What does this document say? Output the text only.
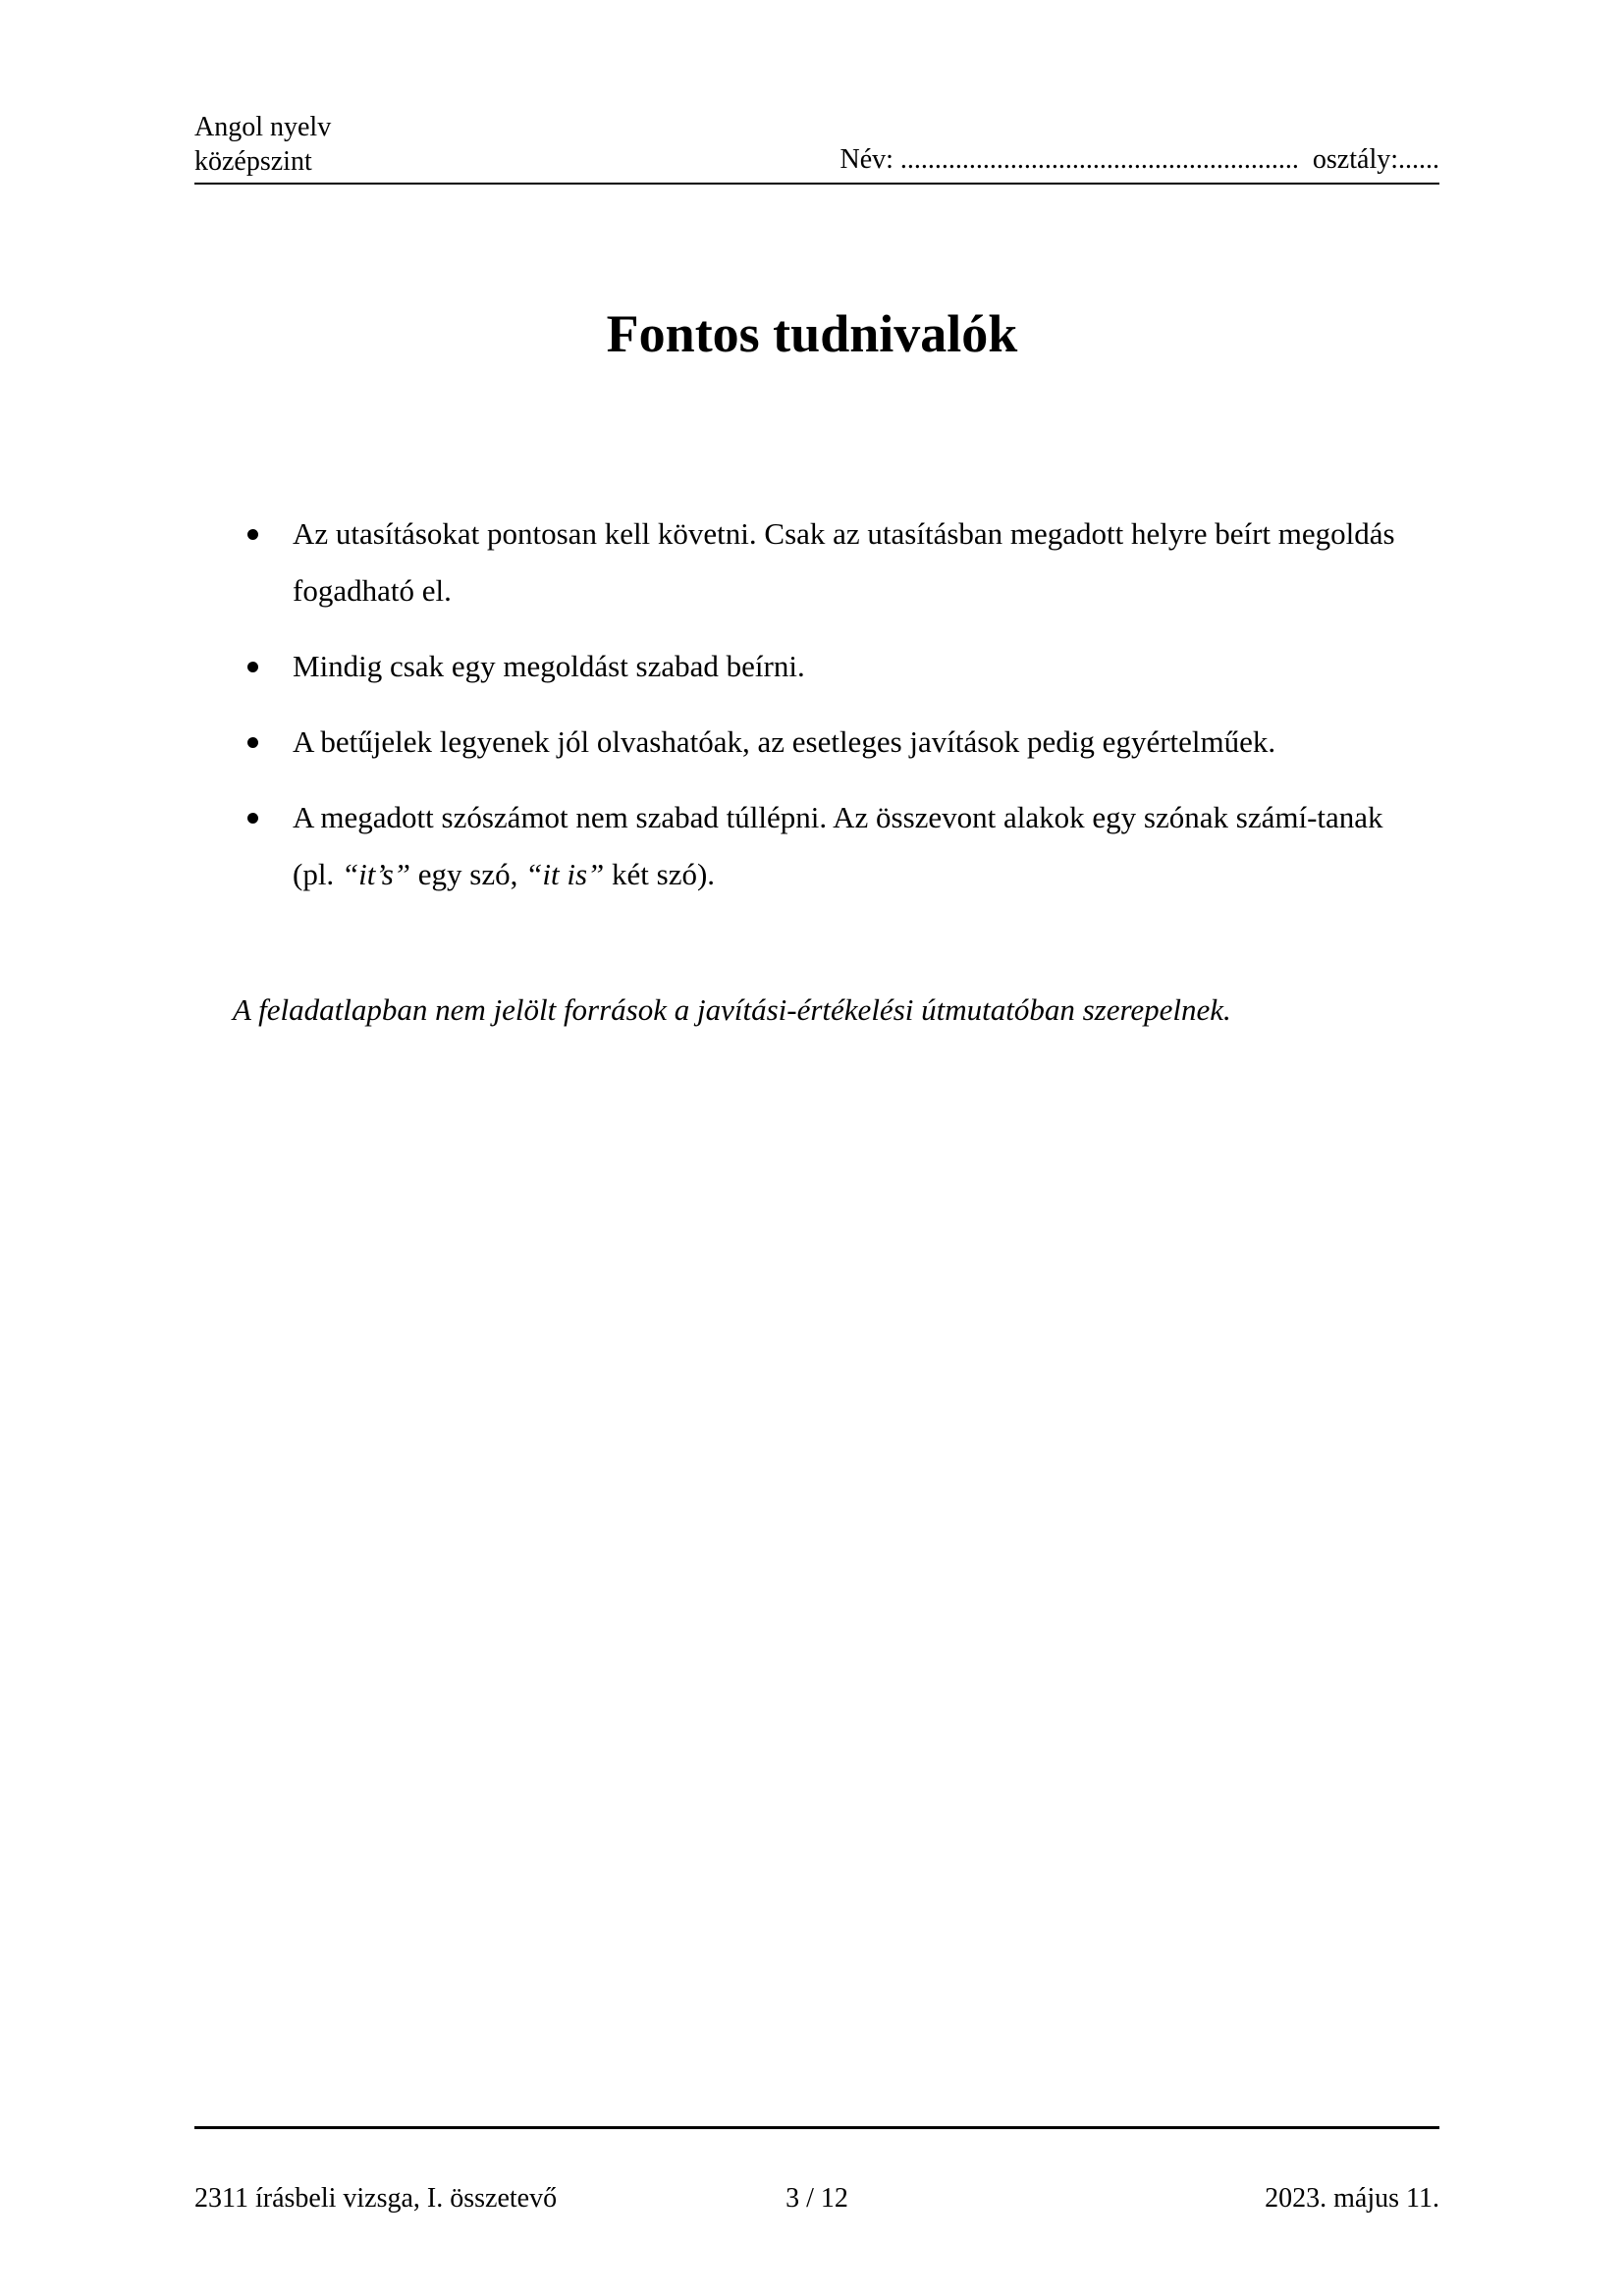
Angol nyelv
középszint	Név: .......................................................... osztály:......
Fontos tudnivalók
Az utasításokat pontosan kell követni. Csak az utasításban megadott helyre beírt megoldás fogadható el.
Mindig csak egy megoldást szabad beírni.
A betűjelek legyenek jól olvashatóak, az esetleges javítások pedig egyértelműek.
A megadott szószámot nem szabad túllépni. Az összevont alakok egy szónak számí-tanak (pl. “it’s” egy szó, “it is” két szó).
A feladatlapban nem jelölt források a javítási-értékelési útmutatóban szerepelnek.
2311 írásbeli vizsga, I. összetevő	3 / 12	2023. május 11.
